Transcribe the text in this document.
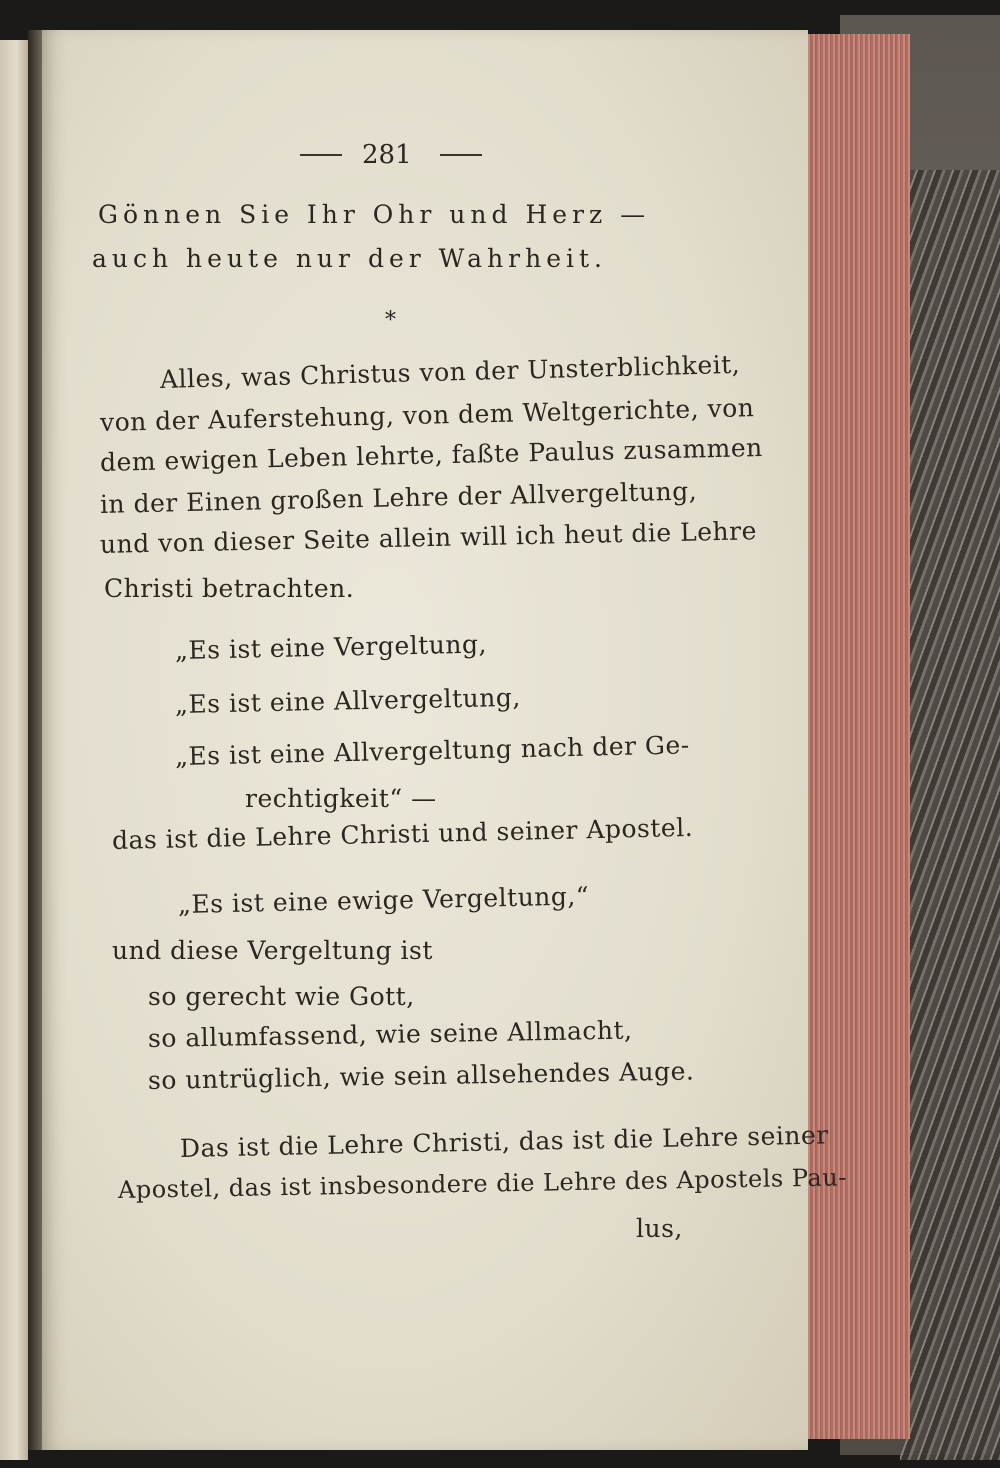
281
Gönnen Sie Ihr Ohr und Herz —
auch heute nur der Wahrheit.
*
Alles, was Christus von der Unsterblichkeit,
von der Auferstehung, von dem Weltgerichte, von
dem ewigen Leben lehrte, faßte Paulus zusammen
in der Einen großen Lehre der Allvergeltung,
und von dieser Seite allein will ich heut die Lehre
Christi betrachten.
„Es ist eine Vergeltung,
„Es ist eine Allvergeltung,
„Es ist eine Allvergeltung nach der Ge-
rechtigkeit“ —
das ist die Lehre Christi und seiner Apostel.
„Es ist eine ewige Vergeltung,“
und diese Vergeltung ist
so gerecht wie Gott,
so allumfassend, wie seine Allmacht,
so untrüglich, wie sein allsehendes Auge.
Das ist die Lehre Christi, das ist die Lehre seiner
Apostel, das ist insbesondere die Lehre des Apostels Pau-
lus,
